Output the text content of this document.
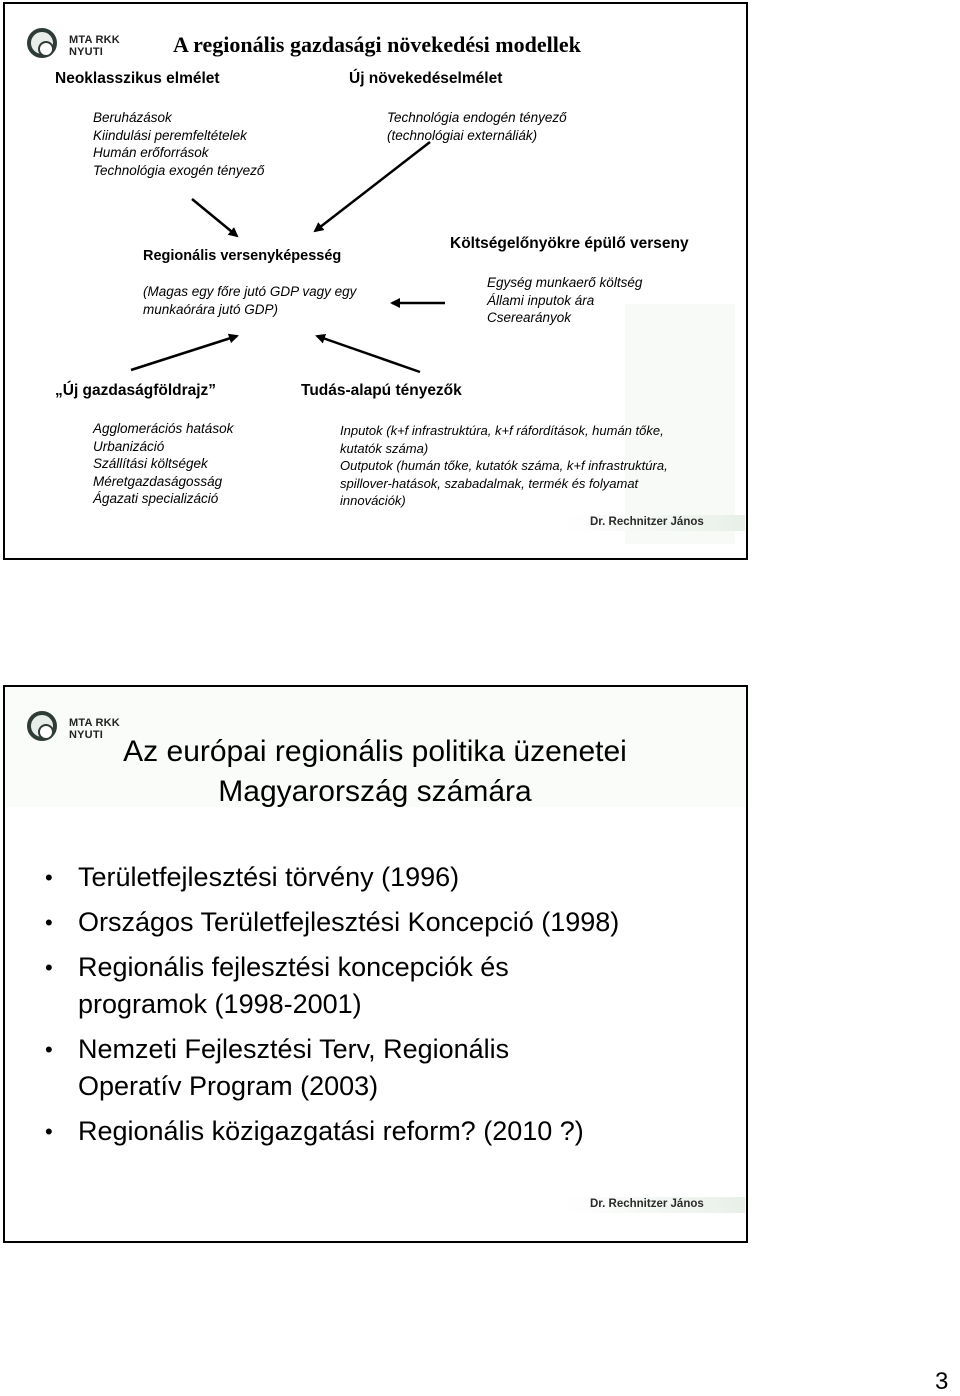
MTA RKK NYUTI	A regionális gazdasági növekedési modellek
Neoklasszikus elmélet	Új növekedéselmélet
Beruházások
Kiindulási peremfeltételek
Humán erőforrások
Technológia exogén tényező
Technológia endogén tényező
(technológiai externáliák)
Regionális versenyképesség
(Magas egy főre jutó GDP vagy egy
munkaórára jutó GDP)
Költségelőnyökre épülő verseny
Egység munkaerő költség
Állami inputok ára
Cserearányok
„Új gazdaságföldrajz”	Tudás-alapú tényezők
Agglomerációs hatások
Urbanizáció
Szállítási költségek
Méretgazdaságosság
Ágazati specializáció
Inputok (k+f infrastruktúra, k+f ráfordítások, humán tőke,
kutatók száma)
Outputok (humán tőke, kutatók száma, k+f infrastruktúra,
spillover-hatások, szabadalmak, termék és folyamat
innovációk)
Dr. Rechnitzer János
MTA RKK NYUTI Az európai regionális politika üzenetei
Magyarország számára
• Területfejlesztési törvény (1996)
• Országos Területfejlesztési Koncepció (1998)
• Regionális fejlesztési koncepciók és
programok (1998-2001)
• Nemzeti Fejlesztési Terv, Regionális
Operatív Program (2003)
• Regionális közigazgatási reform? (2010 ?)
Dr. Rechnitzer János
3
